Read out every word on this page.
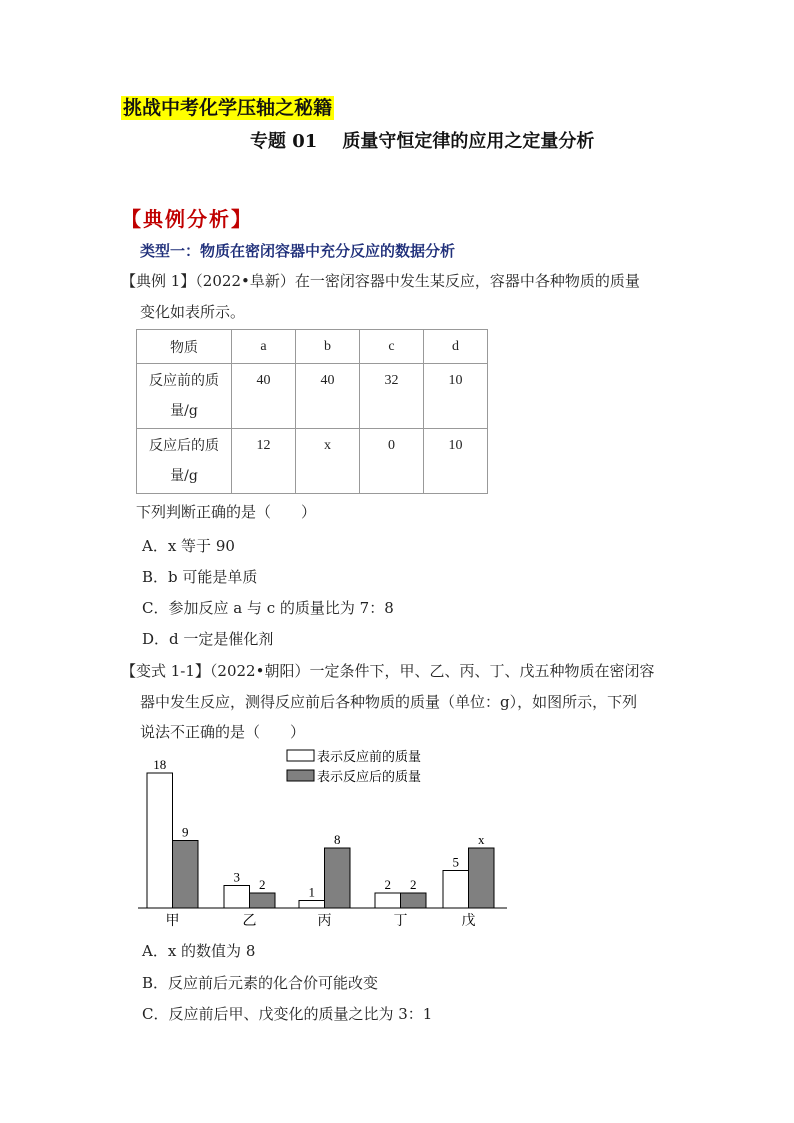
挑战中考化学压轴之秘籍
专题 01    质量守恒定律的应用之定量分析
【典例分析】
类型一：物质在密闭容器中充分反应的数据分析
【典例 1】（2022•阜新）在一密闭容器中发生某反应，容器中各种物质的质量
变化如表所示。
物质	a	b	c	d

反应前的质
量/g	40	40	32	10

反应后的质
量/g	12	x	0	10
下列判断正确的是（　　）
A．x 等于 90
B．b 可能是单质
C．参加反应 a 与 c 的质量比为 7：8
D．d 一定是催化剂
【变式 1-1】（2022•朝阳）一定条件下，甲、乙、丙、丁、戊五种物质在密闭容
器中发生反应，测得反应前后各种物质的质量（单位：g），如图所示，下列
说法不正确的是（　　）
18
9
甲
3 2
乙
1
8
丙
2 2
丁
5
x
戊
表示反应前的质量
表示反应后的质量
A．x 的数值为 8
B．反应前后元素的化合价可能改变
C．反应前后甲、戊变化的质量之比为 3：1
